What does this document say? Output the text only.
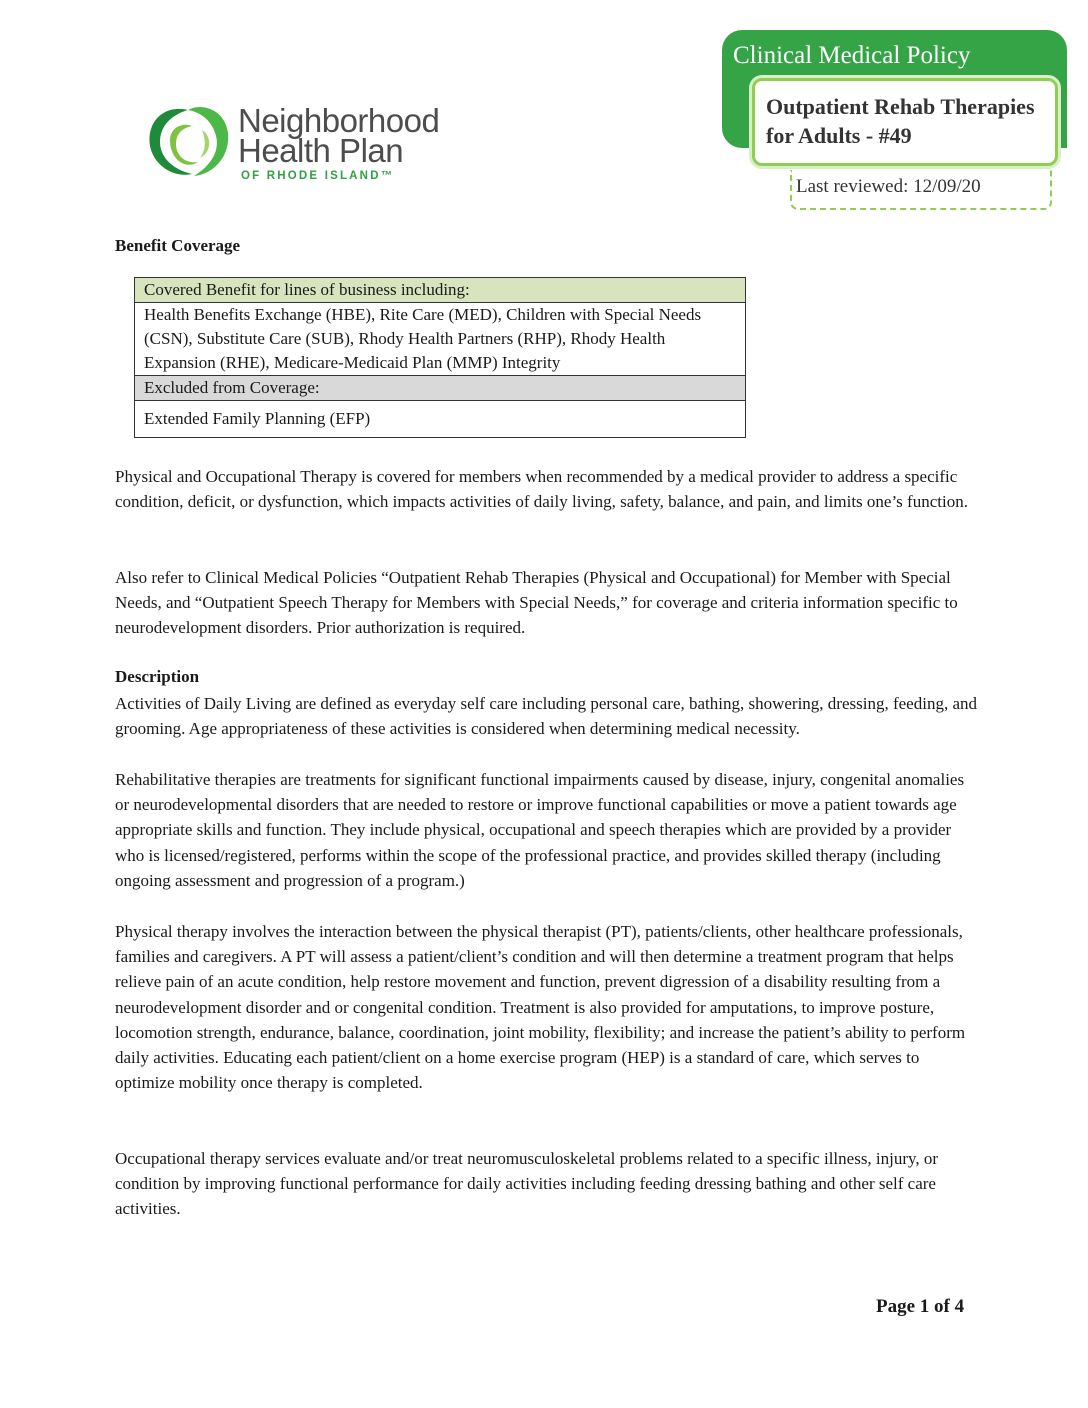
Neighborhood
Health Plan
OF RHODE ISLAND™
Clinical Medical Policy
Outpatient Rehab Therapies for Adults - #49
Last reviewed: 12/09/20
Benefit Coverage
Covered Benefit for lines of business including:
Health Benefits Exchange (HBE), Rite Care (MED), Children with Special Needs (CSN), Substitute Care (SUB), Rhody Health Partners (RHP), Rhody Health Expansion (RHE), Medicare-Medicaid Plan (MMP) Integrity
Excluded from Coverage:
Extended Family Planning (EFP)

Physical and Occupational Therapy is covered for members when recommended by a medical provider to address a specific condition, deficit, or dysfunction, which impacts activities of daily living, safety, balance, and pain, and limits one’s function.

Also refer to Clinical Medical Policies “Outpatient Rehab Therapies (Physical and Occupational) for Member with Special Needs, and “Outpatient Speech Therapy for Members with Special Needs,” for coverage and criteria information specific to neurodevelopment disorders. Prior authorization is required.

Description

Activities of Daily Living are defined as everyday self care including personal care, bathing, showering, dressing, feeding, and grooming. Age appropriateness of these activities is considered when determining medical necessity.

Rehabilitative therapies are treatments for significant functional impairments caused by disease, injury, congenital anomalies or neurodevelopmental disorders that are needed to restore or improve functional capabilities or move a patient towards age appropriate skills and function. They include physical, occupational and speech therapies which are provided by a provider who is licensed/registered, performs within the scope of the professional practice, and provides skilled therapy (including ongoing assessment and progression of a program.)

Physical therapy involves the interaction between the physical therapist (PT), patients/clients, other healthcare professionals, families and caregivers. A PT will assess a patient/client’s condition and will then determine a treatment program that helps relieve pain of an acute condition, help restore movement and function, prevent digression of a disability resulting from a neurodevelopment disorder and or congenital condition. Treatment is also provided for amputations, to improve posture, locomotion strength, endurance, balance, coordination, joint mobility, flexibility; and increase the patient’s ability to perform daily activities. Educating each patient/client on a home exercise program (HEP) is a standard of care, which serves to optimize mobility once therapy is completed.

Occupational therapy services evaluate and/or treat neuromusculoskeletal problems related to a specific illness, injury, or condition by improving functional performance for daily activities including feeding dressing bathing and other self care activities.

Page 1 of 4
